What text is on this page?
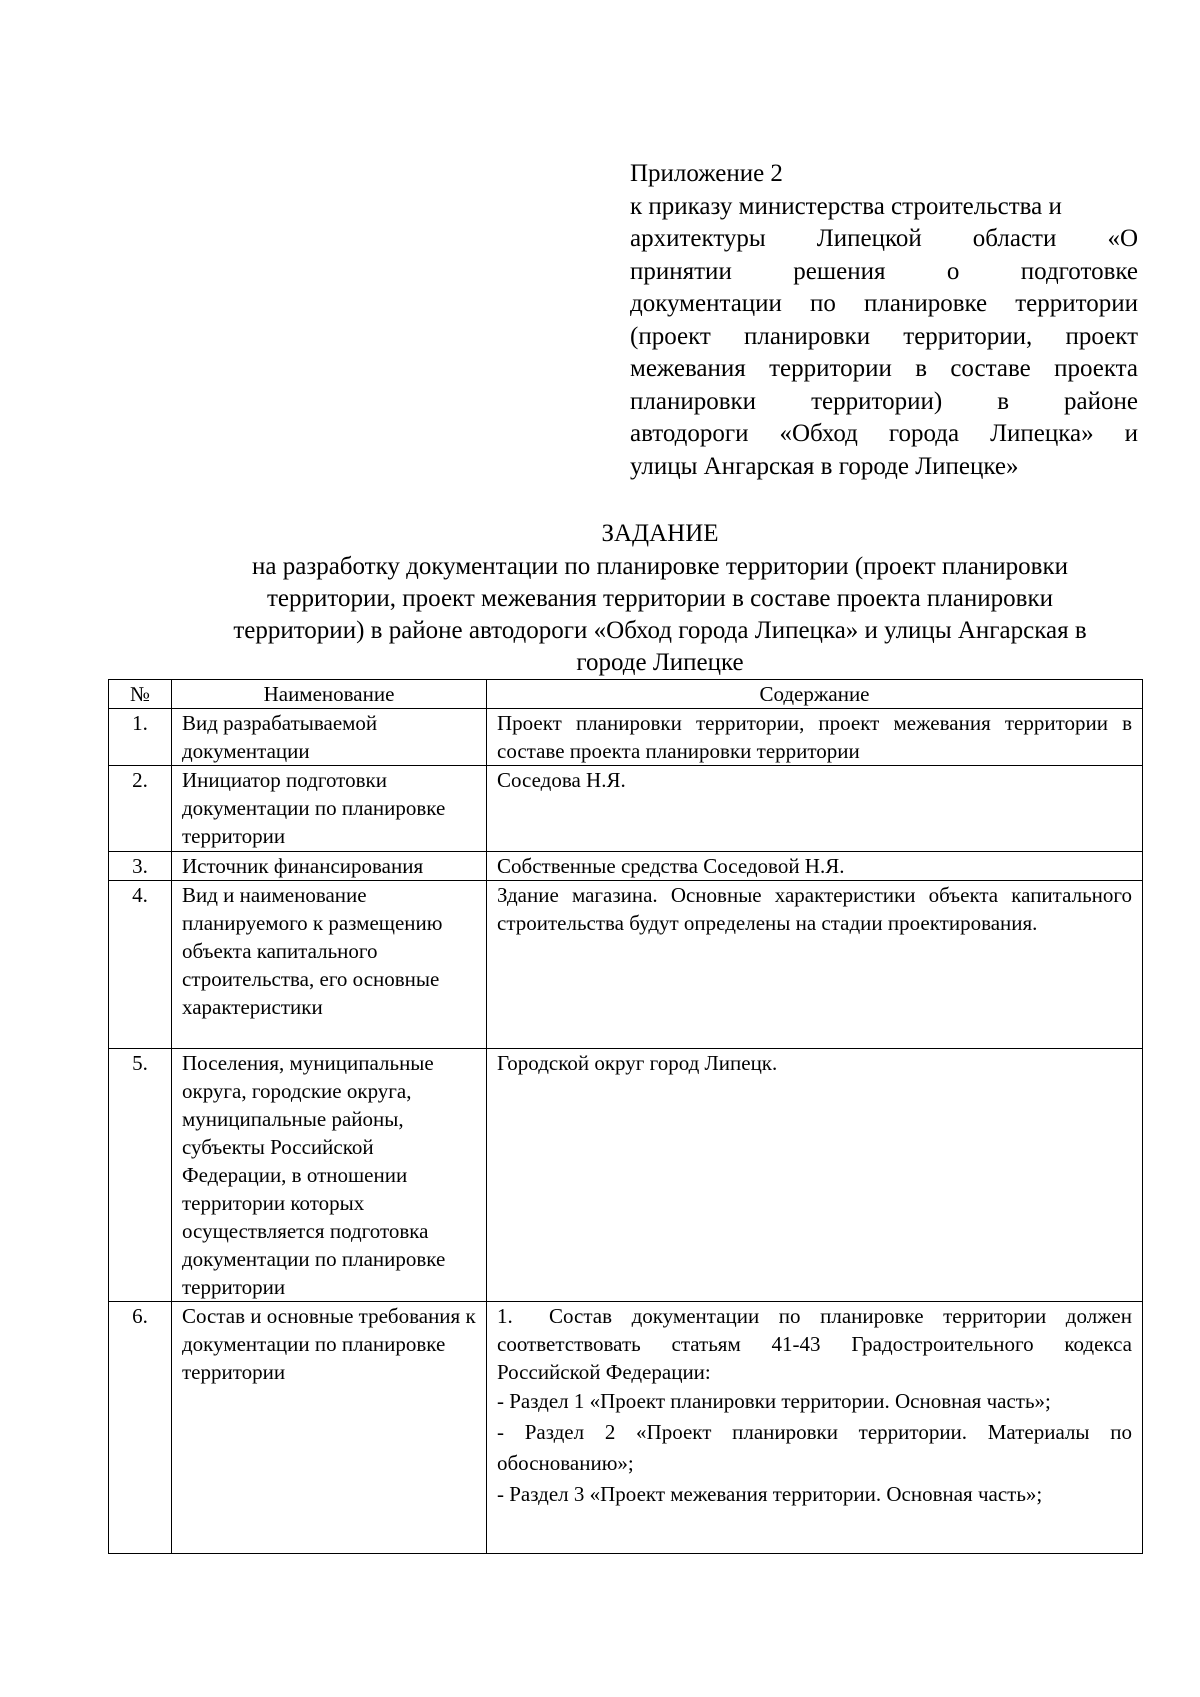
Приложение 2
к приказу министерства строительства и
архитектуры Липецкой области «О
принятии решения о подготовке
документации по планировке территории
(проект планировки территории, проект
межевания территории в составе проекта
планировки территории) в районе
автодороги «Обход города Липецка» и
улицы Ангарская в городе Липецке»
ЗАДАНИЕ
на разработку документации по планировке территории (проект планировки
территории, проект межевания территории в составе проекта планировки
территории) в районе автодороги «Обход города Липецка» и улицы Ангарская в
городе Липецке
№	Наименование	Содержание
1.	Вид разрабатываемой документации	Проект планировки территории, проект межевания территории в составе проекта планировки территории

2.	Инициатор подготовки документации по планировке территории	Соседова Н.Я.

3.	Источник финансирования	Собственные средства Соседовой Н.Я.

4.	Вид и наименование планируемого к размещению объекта капитального строительства, его основные характеристики	Здание магазина. Основные характеристики объекта капитального строительства будут определены на стадии проектирования.

5.	Поселения, муниципальные округа, городские округа, муниципальные районы, субъекты Российской Федерации, в отношении территории которых осуществляется подготовка документации по планировке территории	Городской округ город Липецк.

6.	Состав и основные требования к документации по планировке территории	1. Состав документации по планировке территории должен соответствовать статьям 41-43 Градостроительного кодекса Российской Федерации:
- Раздел 1 «Проект планировки территории. Основная часть»;
- Раздел 2 «Проект планировки территории. Материалы по обоснованию»;
- Раздел 3 «Проект межевания территории. Основная часть»;
